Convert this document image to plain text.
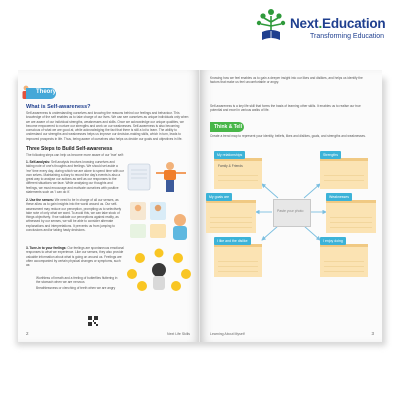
Next.Education
Transforming Education
Theory
What is Self-awareness?
Self-awareness is understanding ourselves and knowing the reasons behind our feelings and behaviour. This knowledge of the self enables us to take charge of our lives. We can see ourselves as unique individuals only when we are aware of our individual strengths, weaknesses and skills. Once we acknowledge our unique qualities, we become empowered to nurture our strengths and work on our weaknesses. Self-awareness is also becoming conscious of what we are good at, while acknowledging the fact that there is still a lot to learn. The ability to understand our strengths and weaknesses helps us improve our decision-making skills, which in turn, leads to improved prospects in life. Thus, being aware of ourselves also helps us decide our goals and objectives in life.
Three Steps to Build Self-awareness
The following steps can help us become more aware of our 'true' self:
1. Self-analysis: Self-analysis involves knowing ourselves and taking note of one's thoughts and feelings. We should set aside a 'me' time every day, during which we are alone to spend time with our own selves. Maintaining a diary to record the day's events is also a great way to analyse our actions as well as our responses to the different situations we face. While analysing our thoughts and feelings, we must encourage and motivate ourselves with positive statements such as 'I can do it'.
2. Use the senses: We need to be in charge of all our senses, as these allow us to gain insights into the world around us. Our self-assessment may reduce our perception, prompting us to selectively take note of only what we want. To avoid this, we can take stock of things objectively. If we validate our perceptions against reality, as witnessed by our senses, we will be able to consider alternate explanations and interpretations. It prevents us from jumping to conclusions and/or taking hasty decisions.
3. Tune-in to your feelings: Our feelings are spontaneous emotional responses to what we experience. Like our senses, they also provide valuable information about what is going on around us. Feelings are often accompanied by certain physical changes or symptoms, such as:
Worthless of breath and a feeling of butterflies fluttering in the stomach when we are nervous
Breathlessness or clenching of teeth when we are angry
2	Next Life Skills
Knowing how we feel enables us to gain a deeper insight into our likes and dislikes, and helps us identify the factors that make us feel uncomfortable or angry.
Self-awareness is a key life skill that forms the basis of learning other skills. It enables us to realise our true potential and excel in various walks of life.
Think & Tell
Create a trend map to represent your identity, beliefs, likes and dislikes, goals, and strengths and weaknesses.
My relationships
Family & Friends
Strengths
My goals are	Weaknesses
I like and the dislike	I enjoy doing
Paste your photo
Learning About Myself	3
